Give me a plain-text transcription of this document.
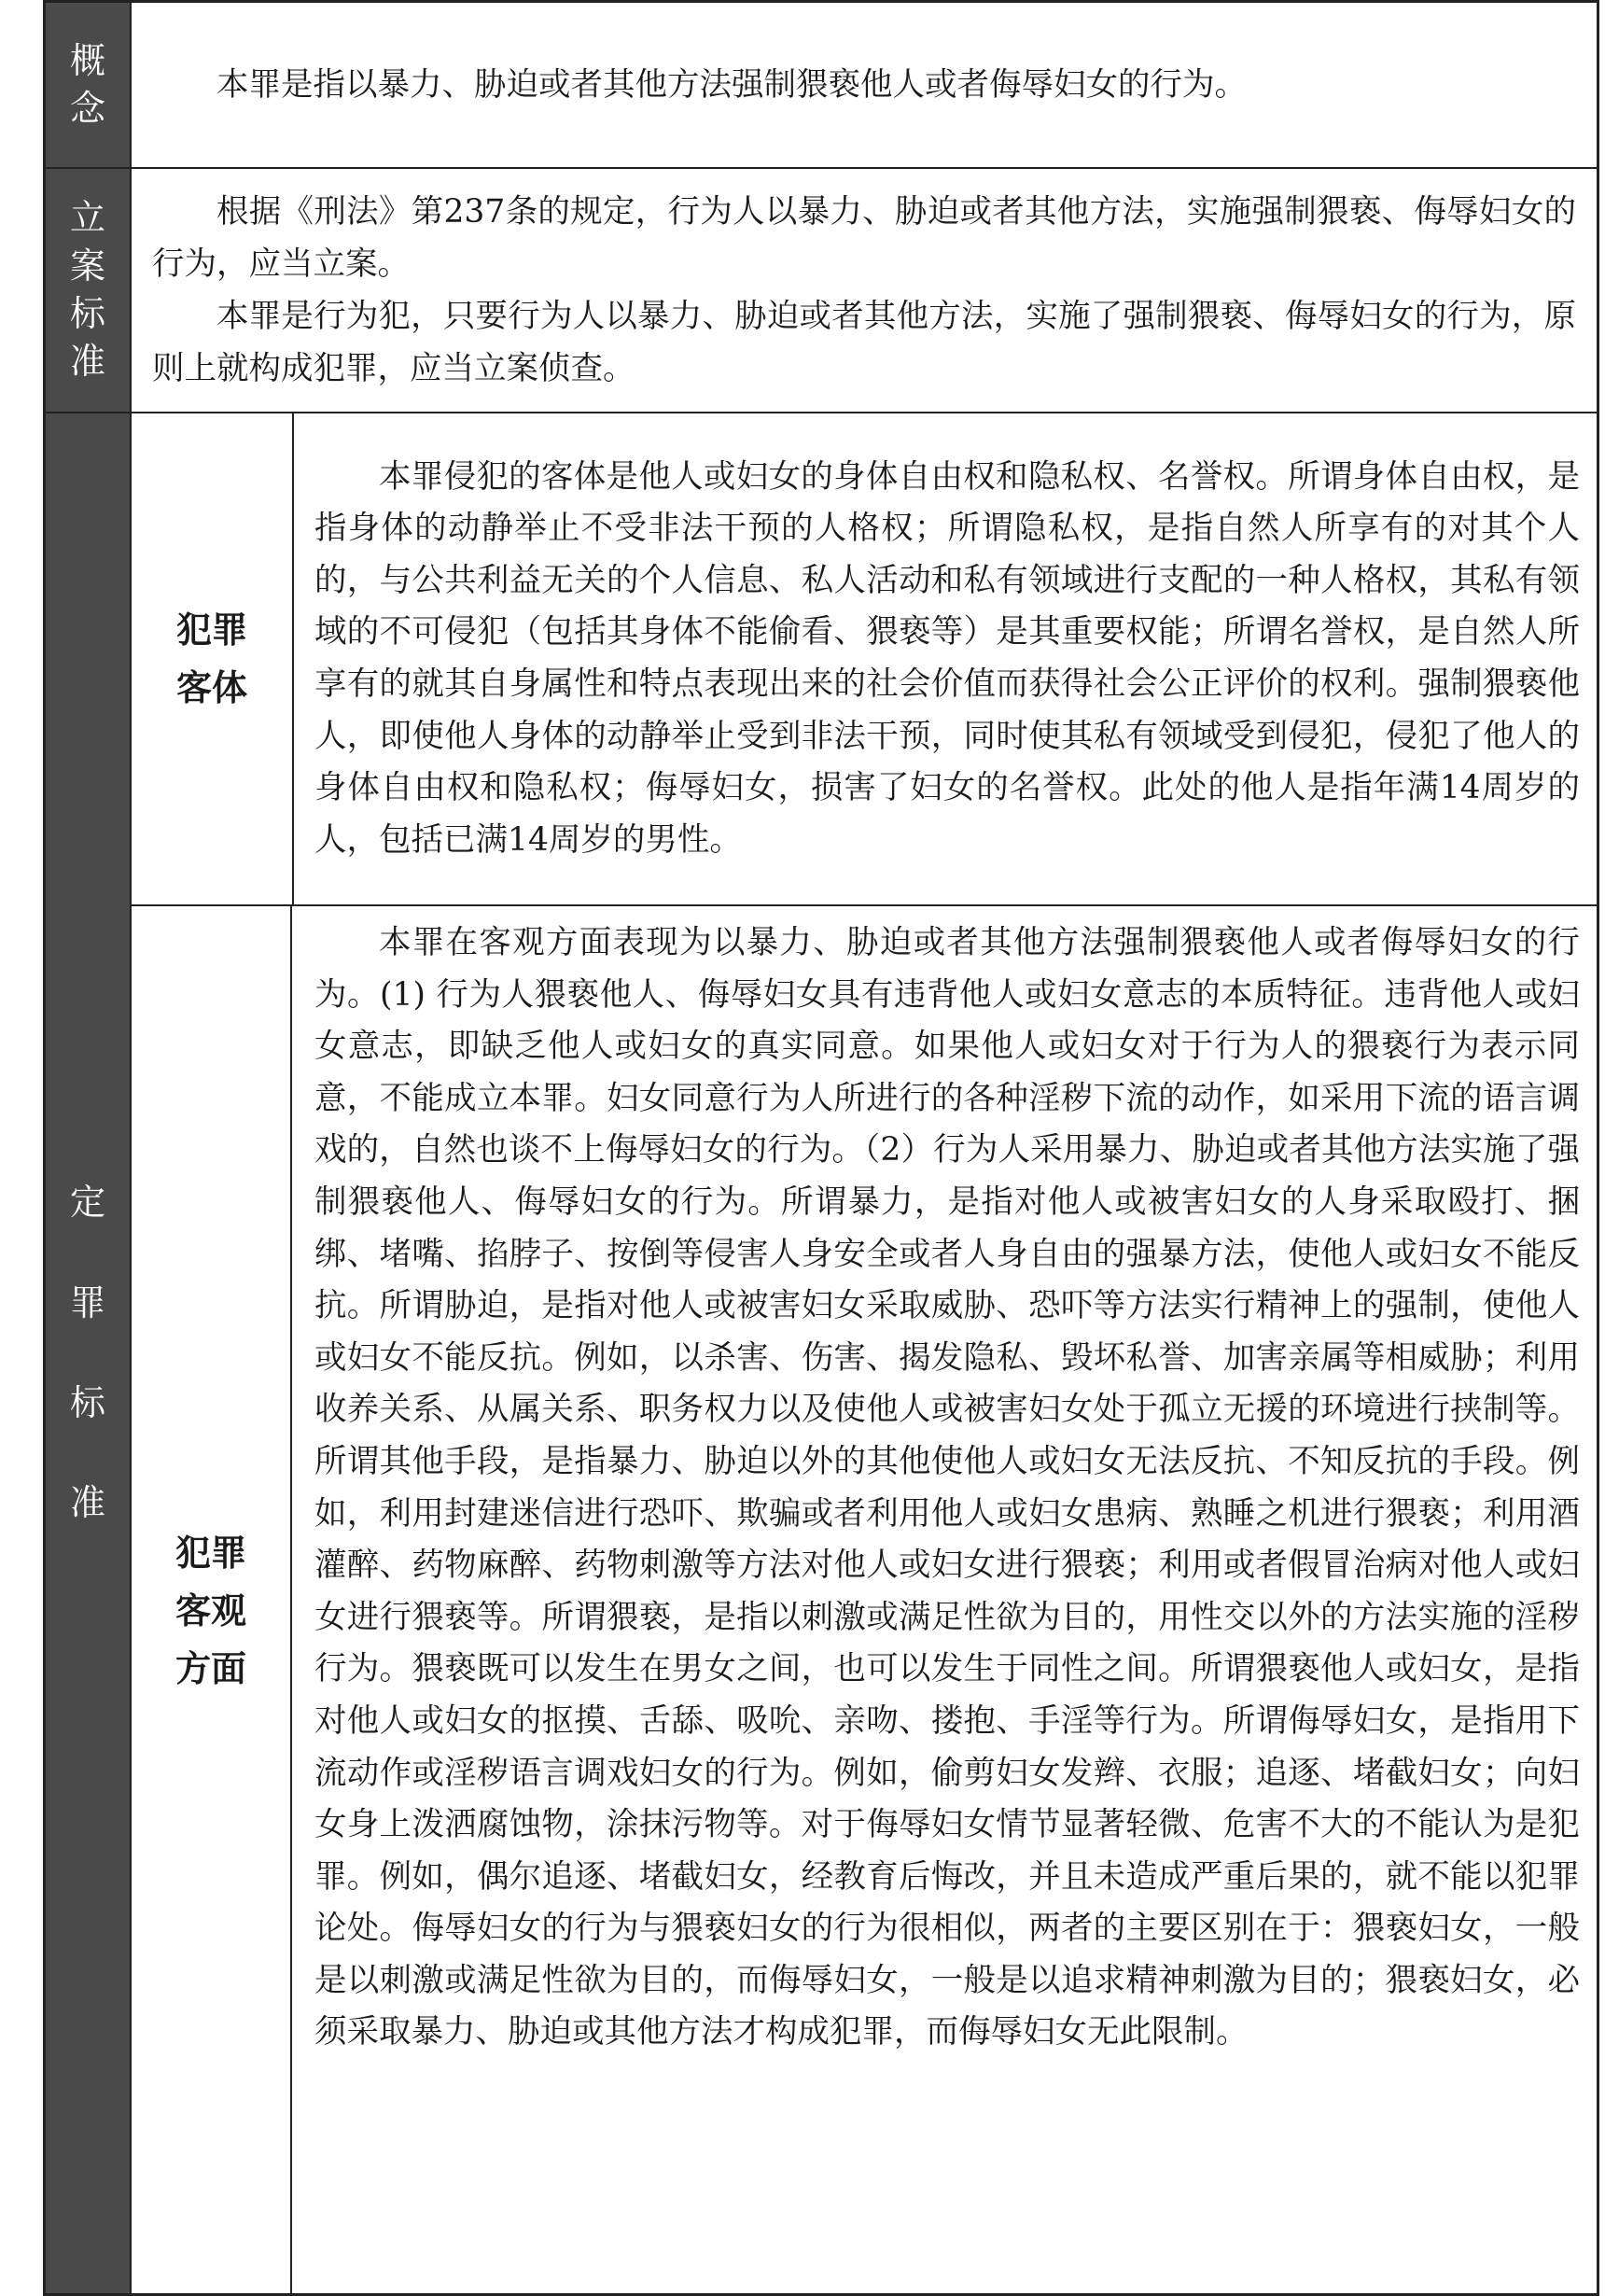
概
念

本罪是指以暴力、胁迫或者其他方法强制猥亵他人或者侮辱妇女的行为。

立
案
标
准

根据《刑法》第237条的规定，行为人以暴力、胁迫或者其他方法，实施强制猥亵、侮辱妇女的行为，应当立案。

本罪是行为犯，只要行为人以暴力、胁迫或者其他方法，实施了强制猥亵、侮辱妇女的行为，原则上就构成犯罪，应当立案侦查。

定
罪
标
准
犯罪
客体

本罪侵犯的客体是他人或妇女的身体自由权和隐私权、名誉权。所谓身体自由权，是指身体的动静举止不受非法干预的人格权；所谓隐私权，是指自然人所享有的对其个人的，与公共利益无关的个人信息、私人活动和私有领域进行支配的一种人格权，其私有领域的不可侵犯（包括其身体不能偷看、猥亵等）是其重要权能；所谓名誉权，是自然人所享有的就其自身属性和特点表现出来的社会价值而获得社会公正评价的权利。强制猥亵他人，即使他人身体的动静举止受到非法干预，同时使其私有领域受到侵犯，侵犯了他人的身体自由权和隐私权；侮辱妇女，损害了妇女的名誉权。此处的他人是指年满14周岁的人，包括已满14周岁的男性。

犯罪
客观
方面

本罪在客观方面表现为以暴力、胁迫或者其他方法强制猥亵他人或者侮辱妇女的行为。(1) 行为人猥亵他人、侮辱妇女具有违背他人或妇女意志的本质特征。违背他人或妇女意志，即缺乏他人或妇女的真实同意。如果他人或妇女对于行为人的猥亵行为表示同意，不能成立本罪。妇女同意行为人所进行的各种淫秽下流的动作，如采用下流的语言调戏的，自然也谈不上侮辱妇女的行为。（2）行为人采用暴力、胁迫或者其他方法实施了强制猥亵他人、侮辱妇女的行为。所谓暴力，是指对他人或被害妇女的人身采取殴打、捆绑、堵嘴、掐脖子、按倒等侵害人身安全或者人身自由的强暴方法，使他人或妇女不能反抗。所谓胁迫，是指对他人或被害妇女采取威胁、恐吓等方法实行精神上的强制，使他人或妇女不能反抗。例如，以杀害、伤害、揭发隐私、毁坏私誉、加害亲属等相威胁；利用收养关系、从属关系、职务权力以及使他人或被害妇女处于孤立无援的环境进行挟制等。所谓其他手段，是指暴力、胁迫以外的其他使他人或妇女无法反抗、不知反抗的手段。例如，利用封建迷信进行恐吓、欺骗或者利用他人或妇女患病、熟睡之机进行猥亵；利用酒灌醉、药物麻醉、药物刺激等方法对他人或妇女进行猥亵；利用或者假冒治病对他人或妇女进行猥亵等。所谓猥亵，是指以刺激或满足性欲为目的，用性交以外的方法实施的淫秽行为。猥亵既可以发生在男女之间，也可以发生于同性之间。所谓猥亵他人或妇女，是指对他人或妇女的抠摸、舌舔、吸吮、亲吻、搂抱、手淫等行为。所谓侮辱妇女，是指用下流动作或淫秽语言调戏妇女的行为。例如，偷剪妇女发辫、衣服；追逐、堵截妇女；向妇女身上泼洒腐蚀物，涂抹污物等。对于侮辱妇女情节显著轻微、危害不大的不能认为是犯罪。例如，偶尔追逐、堵截妇女，经教育后悔改，并且未造成严重后果的，就不能以犯罪论处。侮辱妇女的行为与猥亵妇女的行为很相似，两者的主要区别在于：猥亵妇女，一般是以刺激或满足性欲为目的，而侮辱妇女，一般是以追求精神刺激为目的；猥亵妇女，必须采取暴力、胁迫或其他方法才构成犯罪，而侮辱妇女无此限制。
